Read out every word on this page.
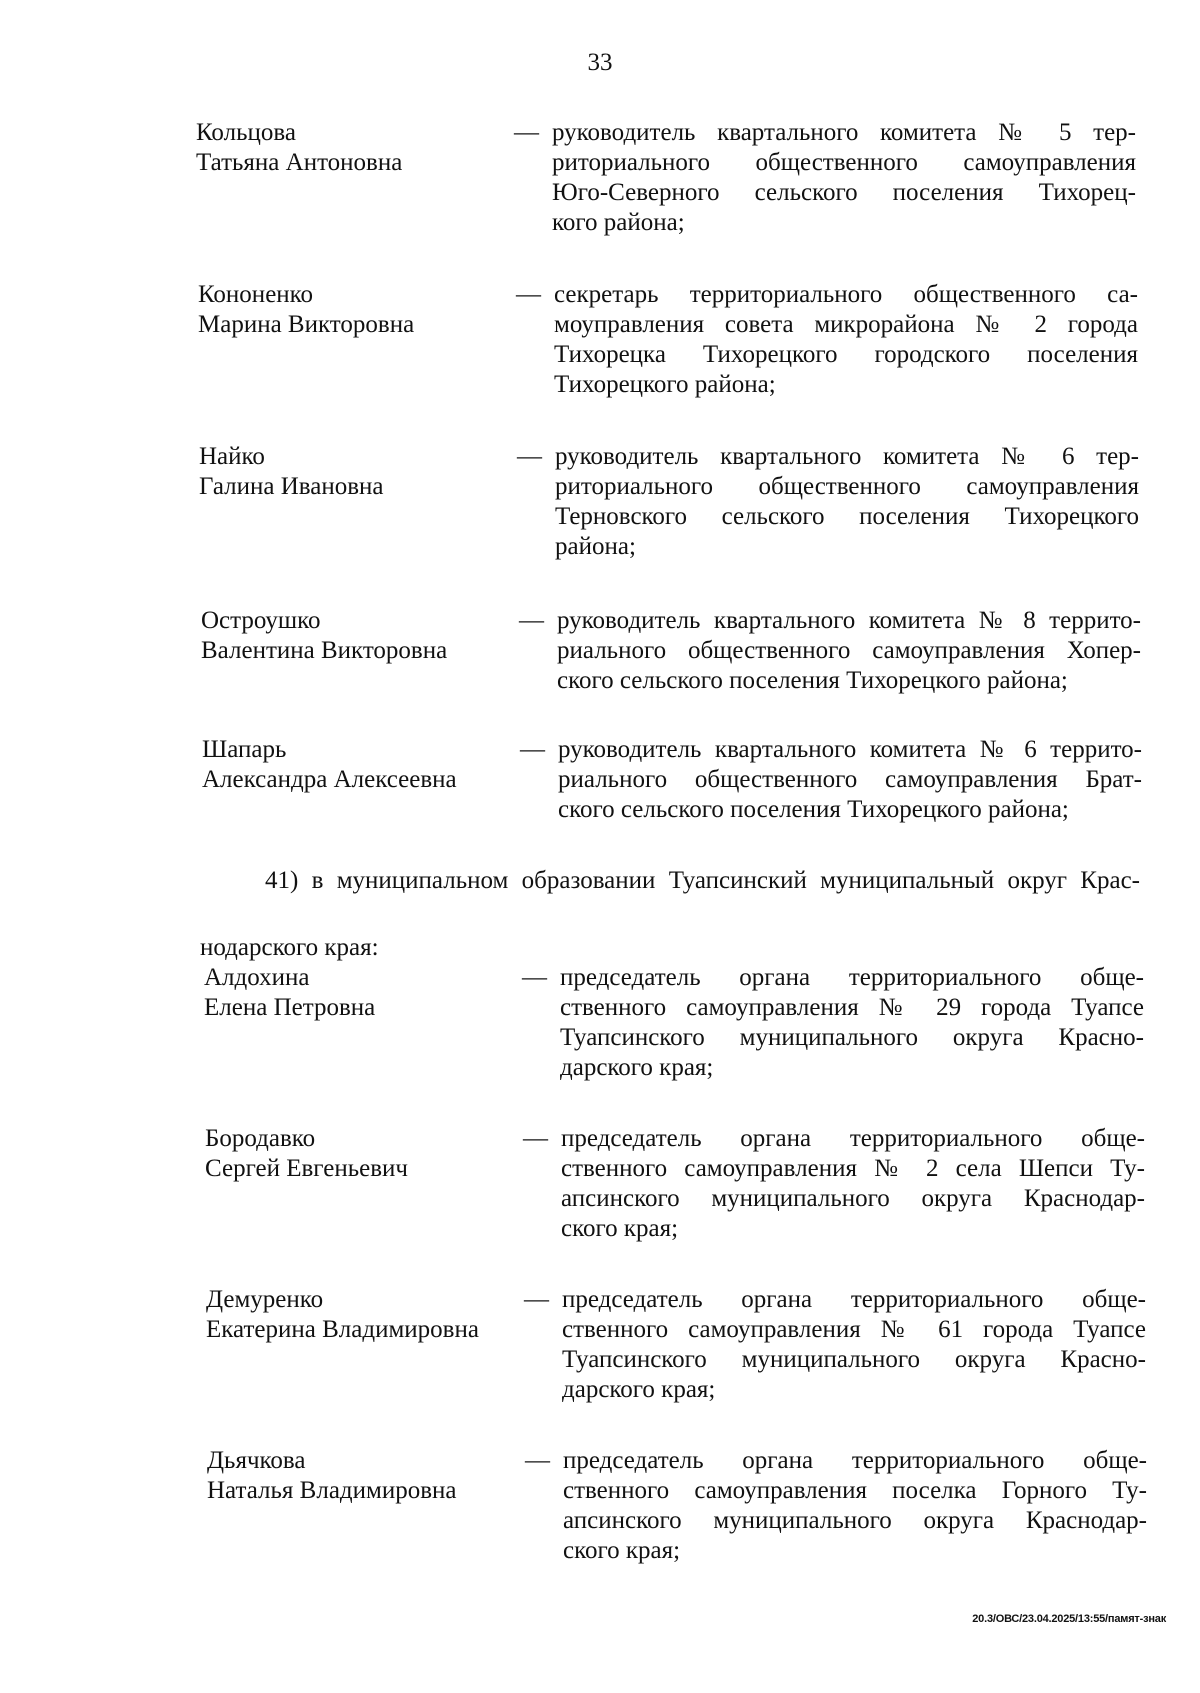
33
Кольцова
Татьяна Антоновна
— руководитель квартального комитета № 5 тер-
риториального общественного самоуправления
Юго-Северного сельского поселения Тихорец-
кого района;
Кононенко
Марина Викторовна
— секретарь территориального общественного са-
моуправления совета микрорайона № 2 города
Тихорецка Тихорецкого городского поселения
Тихорецкого района;
Найко
Галина Ивановна
— руководитель квартального комитета № 6 тер-
риториального общественного самоуправления
Терновского сельского поселения Тихорецкого
района;
Остроушко
Валентина Викторовна
— руководитель квартального комитета № 8 террито-
риального общественного самоуправления Хопер-
ского сельского поселения Тихорецкого района;
Шапарь
Александра Алексеевна
— руководитель квартального комитета № 6 террито-
риального общественного самоуправления Брат-
ского сельского поселения Тихорецкого района;
41) в муниципальном образовании Туапсинский муниципальный округ Крас-
нодарского края:
Алдохина
Елена Петровна
— председатель органа территориального обще-
ственного самоуправления № 29 города Туапсе
Туапсинского муниципального округа Красно-
дарского края;
Бородавко
Сергей Евгеньевич
— председатель органа территориального обще-
ственного самоуправления № 2 села Шепси Ту-
апсинского муниципального округа Краснодар-
ского края;
Демуренко
Екатерина Владимировна
— председатель органа территориального обще-
ственного самоуправления № 61 города Туапсе
Туапсинского муниципального округа Красно-
дарского края;
Дьячкова
Наталья Владимировна
— председатель органа территориального обще-
ственного самоуправления поселка Горного Ту-
апсинского муниципального округа Краснодар-
ского края;
20.3/ОВС/23.04.2025/13:55/памят-знак
